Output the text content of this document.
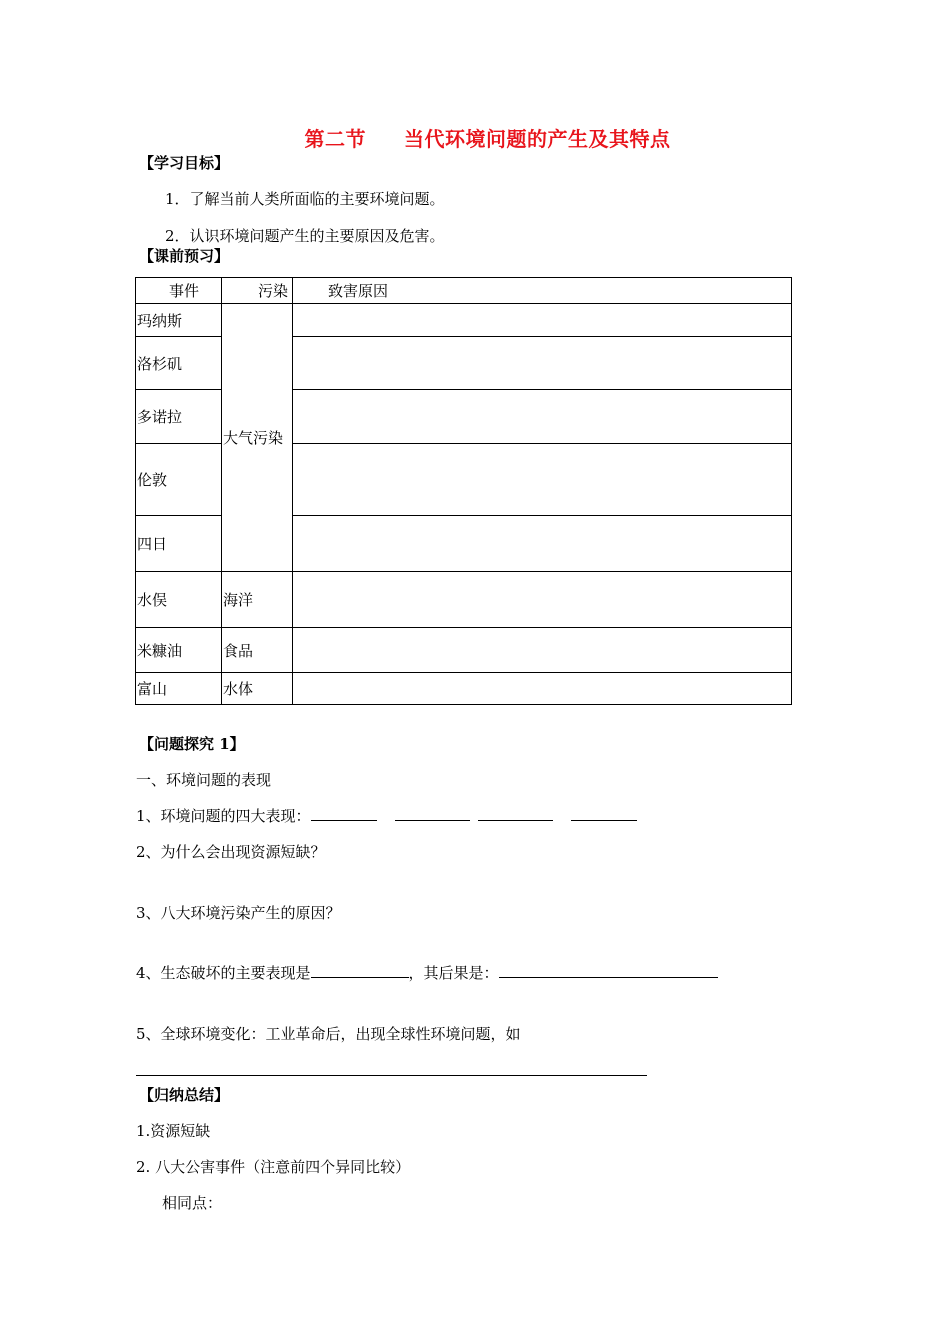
第二节 当代环境问题的产生及其特点
【学习目标】
1．了解当前人类所面临的主要环境问题。
2．认识环境问题产生的主要原因及危害。
【课前预习】
事件	污染	致害原因
玛纳斯	大气污染	
洛杉矶		
多诺拉		
伦敦		
四日		
水俣	海洋	
米糠油	食品	
富山	水体	
【问题探究 1】
一、环境问题的表现
1、环境问题的四大表现：
2、为什么会出现资源短缺？
3、八大环境污染产生的原因？
4、生态破坏的主要表现是	，其后果是：
5、全球环境变化：工业革命后，出现全球性环境问题，如
【归纳总结】
1.资源短缺
2. 八大公害事件（注意前四个异同比较）
相同点：
